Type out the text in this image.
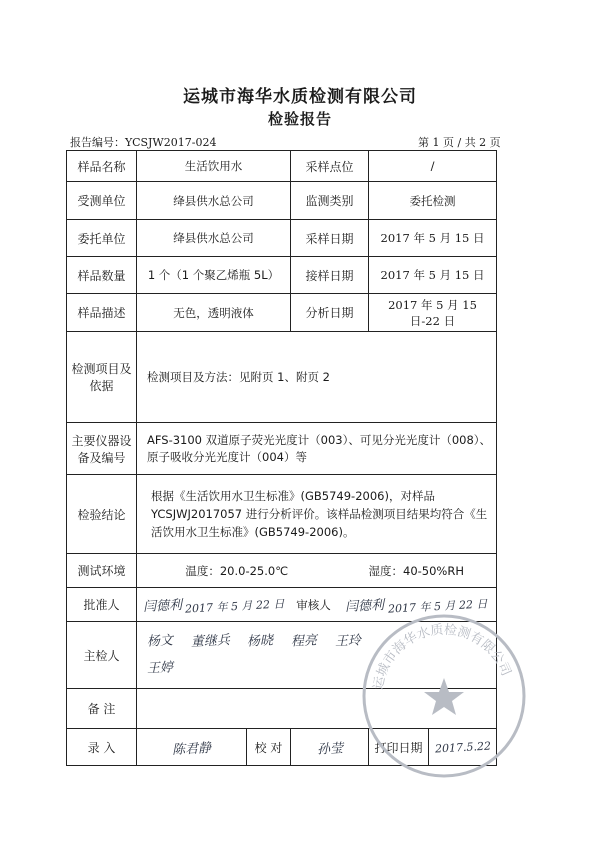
运城市海华水质检测有限公司
检验报告
报告编号：YCSJW2017-024	第 1 页 / 共 2 页
样品名称	生活饮用水		采样点位		/	
受测单位	绛县供水总公司		监测类别		委托检测	
委托单位	绛县供水总公司		采样日期		2017 年 5 月 15 日	
样品数量	1 个（1 个聚乙烯瓶 5L）		接样日期		2017 年 5 月 15 日	
样品描述	无色，透明液体		分析日期		2017 年 5 月 15 日-22 日	
检测项目及依据	检测项目及方法：见附页 1、附页 2					
主要仪器设备及编号	AFS-3100 双道原子荧光光度计（003）、可见分光光度计（008）、原子吸收分光光度计（004）等					
检验结论	根据《生活饮用水卫生标准》(GB5749-2006)，对样品 YCSJWJ2017057 进行分析评价。该样品检测项目结果均符合《生活饮用水卫生标准》(GB5749-2006)。					
测试环境	温度：20.0-25.0℃			湿度：40-50%RH		
批准人	闫德利 2017 年 5 月 22 日		审核人	闫德利 2017 年 5 月 22 日		
主检人	杨文 董继兵 杨晓 程亮 王玲
王婷					
备 注						
录 入	陈君静	校 对	孙莹		打印日期	2017.5.22
运城市海华水质检测有限公司
